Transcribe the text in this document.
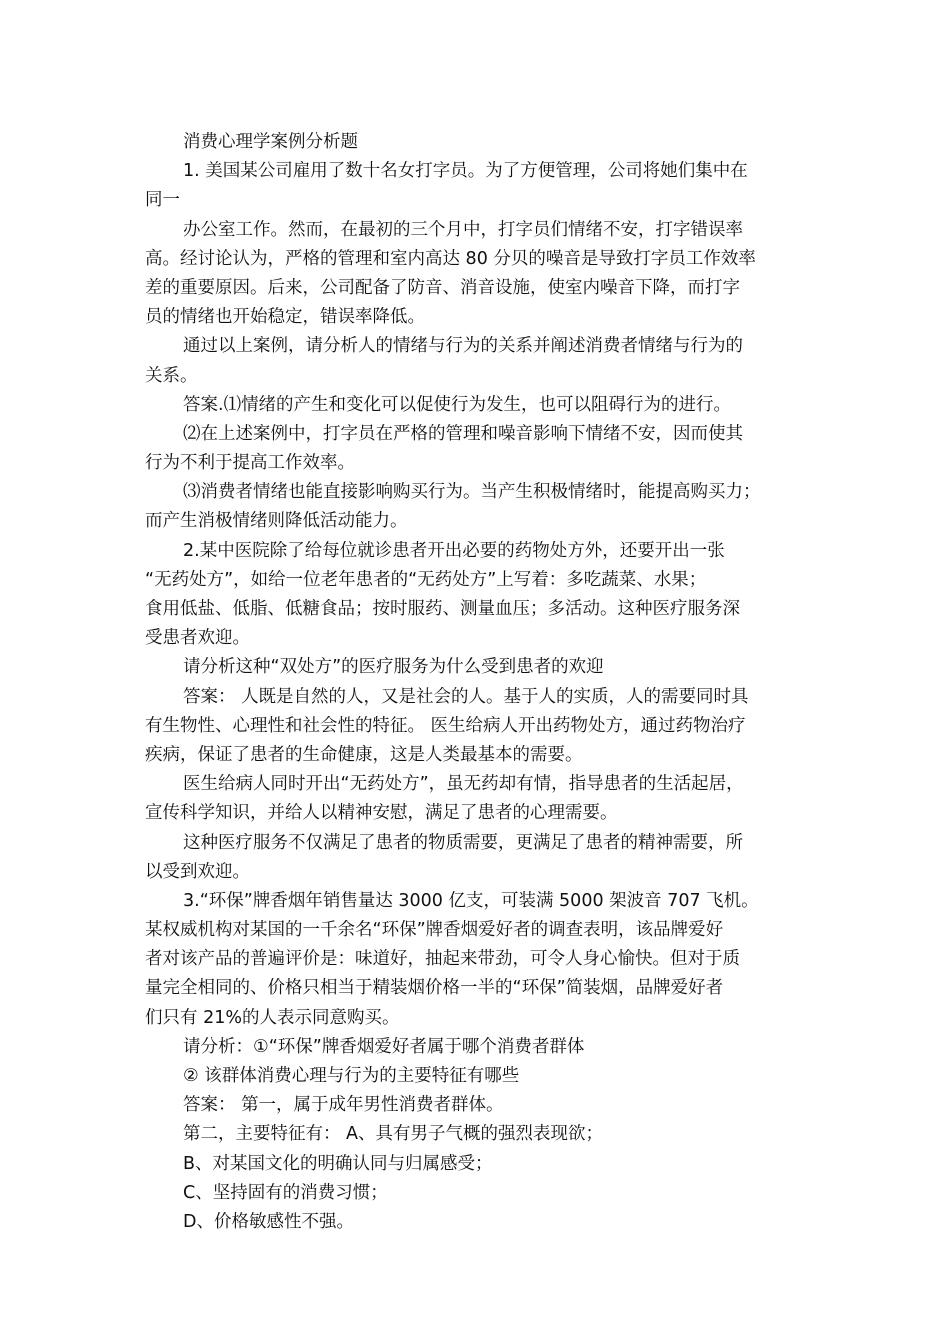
消费心理学案例分析题
1. 美国某公司雇用了数十名女打字员。为了方便管理，公司将她们集中在
同一
办公室工作。然而，在最初的三个月中，打字员们情绪不安，打字错误率
高。经讨论认为，严格的管理和室内高达 80 分贝的噪音是导致打字员工作效率
差的重要原因。后来，公司配备了防音、消音设施，使室内噪音下降，而打字
员的情绪也开始稳定，错误率降低。
通过以上案例，请分析人的情绪与行为的关系并阐述消费者情绪与行为的
关系。
答案.⑴情绪的产生和变化可以促使行为发生，也可以阻碍行为的进行。
⑵在上述案例中，打字员在严格的管理和噪音影响下情绪不安，因而使其
行为不利于提高工作效率。
⑶消费者情绪也能直接影响购买行为。当产生积极情绪时，能提高购买力；
而产生消极情绪则降低活动能力。
2.某中医院除了给每位就诊患者开出必要的药物处方外，还要开出一张
“无药处方”，如给一位老年患者的“无药处方”上写着：多吃蔬菜、水果；
食用低盐、低脂、低糖食品；按时服药、测量血压；多活动。这种医疗服务深
受患者欢迎。
请分析这种“双处方”的医疗服务为什么受到患者的欢迎
答案： 人既是自然的人，又是社会的人。基于人的实质，人的需要同时具
有生物性、心理性和社会性的特征。 医生给病人开出药物处方，通过药物治疗
疾病，保证了患者的生命健康，这是人类最基本的需要。
医生给病人同时开出“无药处方”，虽无药却有情，指导患者的生活起居，
宣传科学知识，并给人以精神安慰，满足了患者的心理需要。
这种医疗服务不仅满足了患者的物质需要，更满足了患者的精神需要，所
以受到欢迎。
3.“环保”牌香烟年销售量达 3000 亿支，可装满 5000 架波音 707 飞机。
某权威机构对某国的一千余名“环保”牌香烟爱好者的调查表明，该品牌爱好
者对该产品的普遍评价是：味道好，抽起来带劲，可令人身心愉快。但对于质
量完全相同的、价格只相当于精装烟价格一半的“环保”简装烟，品牌爱好者
们只有 21%的人表示同意购买。
请分析：①“环保”牌香烟爱好者属于哪个消费者群体
② 该群体消费心理与行为的主要特征有哪些
答案： 第一，属于成年男性消费者群体。
第二，主要特征有： A、具有男子气概的强烈表现欲；
B、对某国文化的明确认同与归属感受；
C、坚持固有的消费习惯；
D、价格敏感性不强。
